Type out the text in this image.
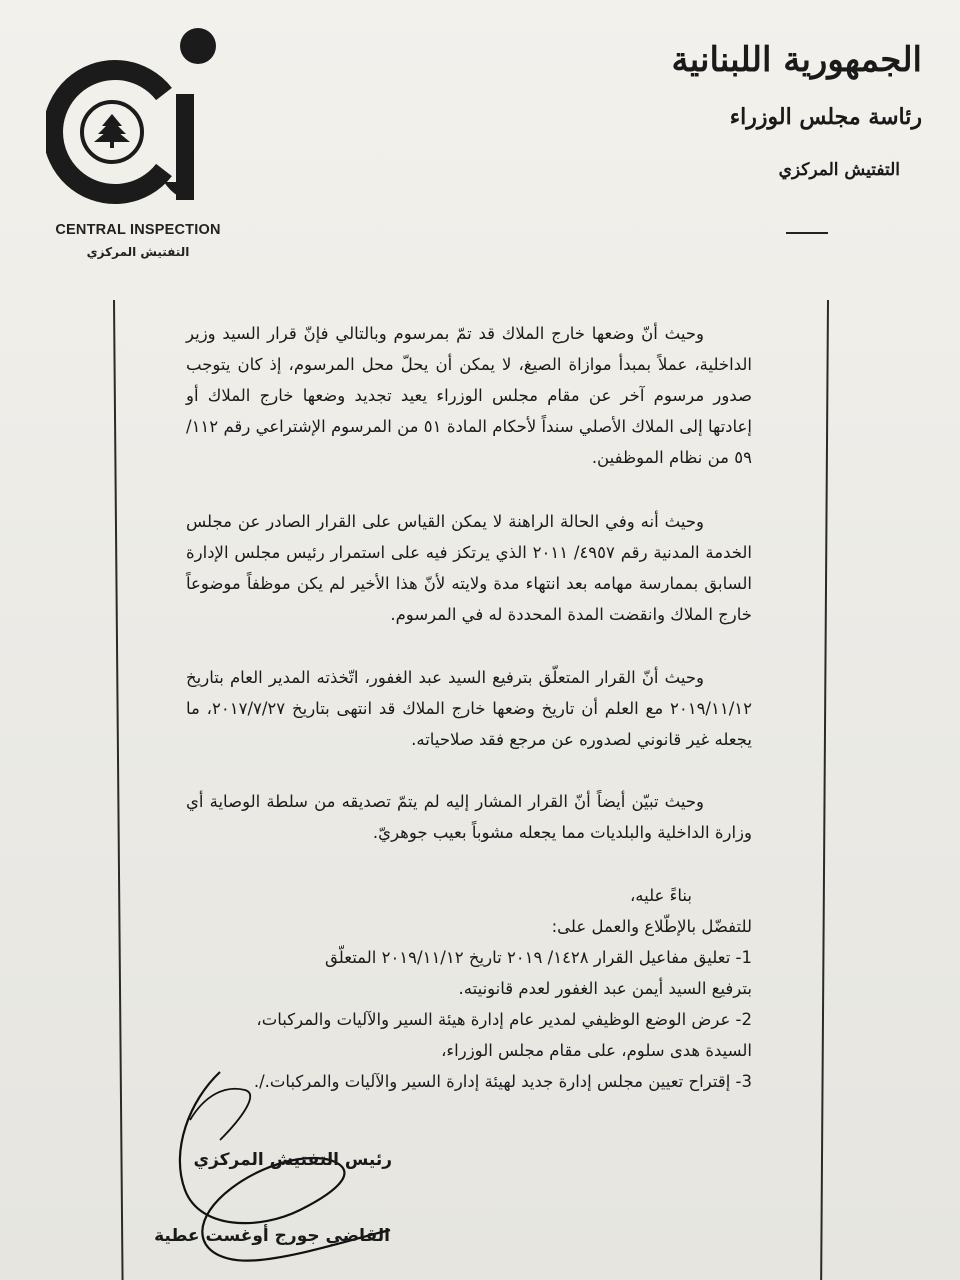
CENTRAL INSPECTION
التفتيش المركزي
الجمهورية اللبنانية
رئاسة مجلس الوزراء
التفتيش المركزي

وحيث أنّ وضعها خارج الملاك قد تمّ بمرسوم وبالتالي فإنّ قرار السيد وزير الداخلية، عملاً بمبدأ موازاة الصيغ، لا يمكن أن يحلّ محل المرسوم، إذ كان يتوجب صدور مرسوم آخر عن مقام مجلس الوزراء يعيد تجديد وضعها خارج الملاك أو إعادتها إلى الملاك الأصلي سنداً لأحكام المادة ٥١ من المرسوم الإشتراعي رقم ١١٢/ ٥٩ من نظام الموظفين.

وحيث أنه وفي الحالة الراهنة لا يمكن القياس على القرار الصادر عن مجلس الخدمة المدنية رقم ٤٩٥٧/ ٢٠١١ الذي يرتكز فيه على استمرار رئيس مجلس الإدارة السابق بممارسة مهامه بعد انتهاء مدة ولايته لأنّ هذا الأخير لم يكن موظفاً موضوعاً خارج الملاك وانقضت المدة المحددة له في المرسوم.

وحيث أنّ القرار المتعلّق بترفيع السيد عبد الغفور، اتّخذته المدير العام بتاريخ ٢٠١٩/١١/١٢ مع العلم أن تاريخ وضعها خارج الملاك قد انتهى بتاريخ ٢٠١٧/٧/٢٧، ما يجعله غير قانوني لصدوره عن مرجع فقد صلاحياته.

وحيث تبيّن أيضاً أنّ القرار المشار إليه لم يتمّ تصديقه من سلطة الوصاية أي وزارة الداخلية والبلديات مما يجعله مشوباً بعيب جوهريّ.

بناءً عليه،
للتفضّل بالإطّلاع والعمل على:
1- تعليق مفاعيل القرار ١٤٢٨/ ٢٠١٩ تاريخ ٢٠١٩/١١/١٢ المتعلّق
بترفيع السيد أيمن عبد الغفور لعدم قانونيته.
2- عرض الوضع الوظيفي لمدير عام إدارة هيئة السير والآليات والمركبات،
السيدة هدى سلوم، على مقام مجلس الوزراء،
3- إقتراح تعيين مجلس إدارة جديد لهيئة إدارة السير والآليات والمركبات./.
رئيس التفتيش المركزي
القاضي جورج أوغست عطية
